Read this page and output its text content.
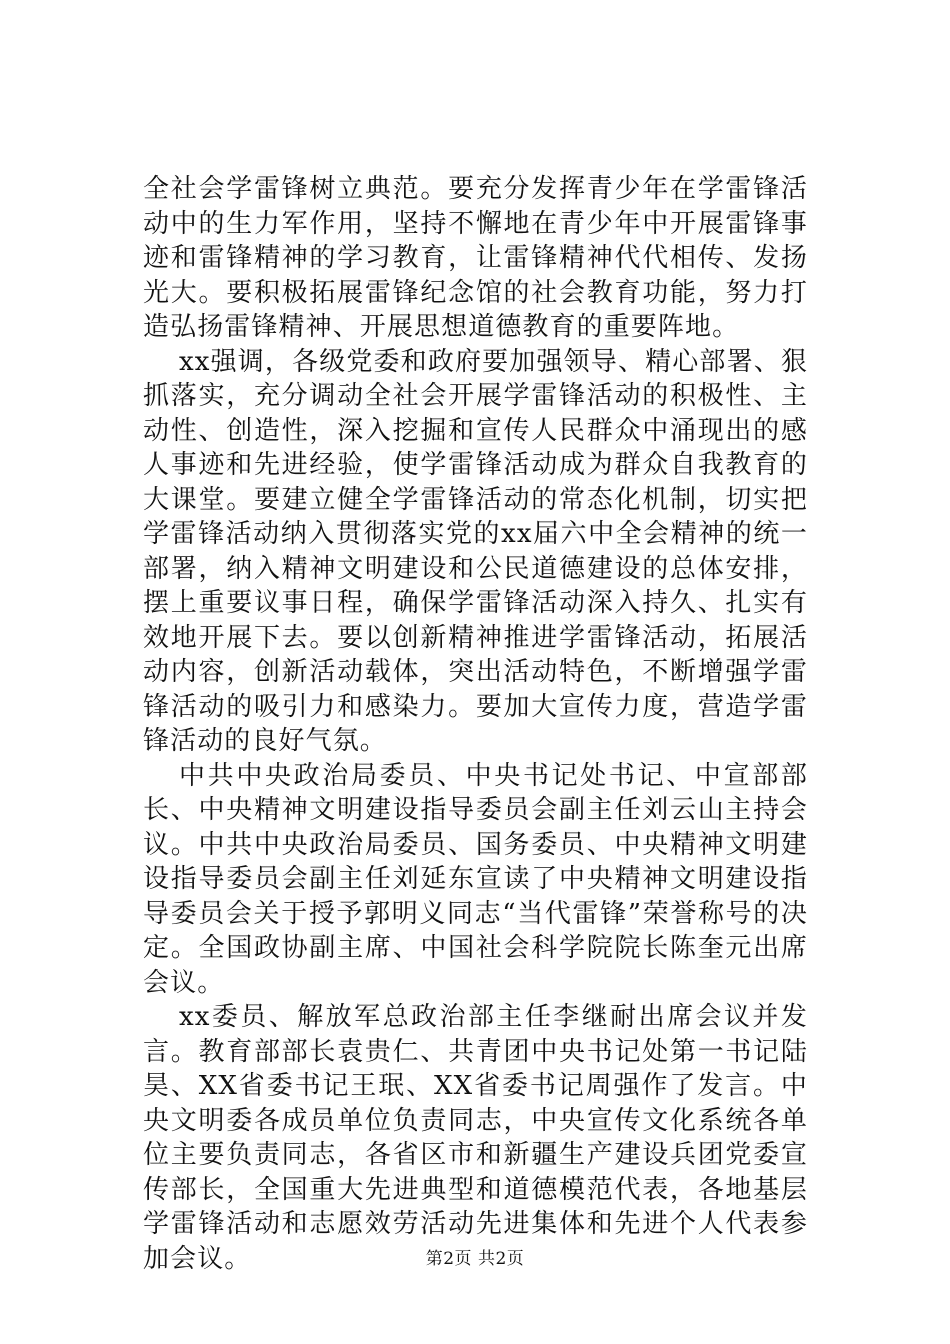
全社会学雷锋树立典范。要充分发挥青少年在学雷锋活动中的生力军作用，坚持不懈地在青少年中开展雷锋事迹和雷锋精神的学习教育，让雷锋精神代代相传、发扬光大。要积极拓展雷锋纪念馆的社会教育功能，努力打造弘扬雷锋精神、开展思想道德教育的重要阵地。

xx强调，各级党委和政府要加强领导、精心部署、狠抓落实，充分调动全社会开展学雷锋活动的积极性、主动性、创造性，深入挖掘和宣传人民群众中涌现出的感人事迹和先进经验，使学雷锋活动成为群众自我教育的大课堂。要建立健全学雷锋活动的常态化机制，切实把学雷锋活动纳入贯彻落实党的xx届六中全会精神的统一部署，纳入精神文明建设和公民道德建设的总体安排，摆上重要议事日程，确保学雷锋活动深入持久、扎实有效地开展下去。要以创新精神推进学雷锋活动，拓展活动内容，创新活动载体，突出活动特色，不断增强学雷锋活动的吸引力和感染力。要加大宣传力度，营造学雷锋活动的良好气氛。

中共中央政治局委员、中央书记处书记、中宣部部长、中央精神文明建设指导委员会副主任刘云山主持会议。中共中央政治局委员、国务委员、中央精神文明建设指导委员会副主任刘延东宣读了中央精神文明建设指导委员会关于授予郭明义同志“当代雷锋”荣誉称号的决定。全国政协副主席、中国社会科学院院长陈奎元出席会议。

xx委员、解放军总政治部主任李继耐出席会议并发言。教育部部长袁贵仁、共青团中央书记处第一书记陆昊、XX省委书记王珉、XX省委书记周强作了发言。中央文明委各成员单位负责同志，中央宣传文化系统各单位主要负责同志，各省区市和新疆生产建设兵团党委宣传部长，全国重大先进典型和道德模范代表，各地基层学雷锋活动和志愿效劳活动先进集体和先进个人代表参加会议。	第2页 共2页
